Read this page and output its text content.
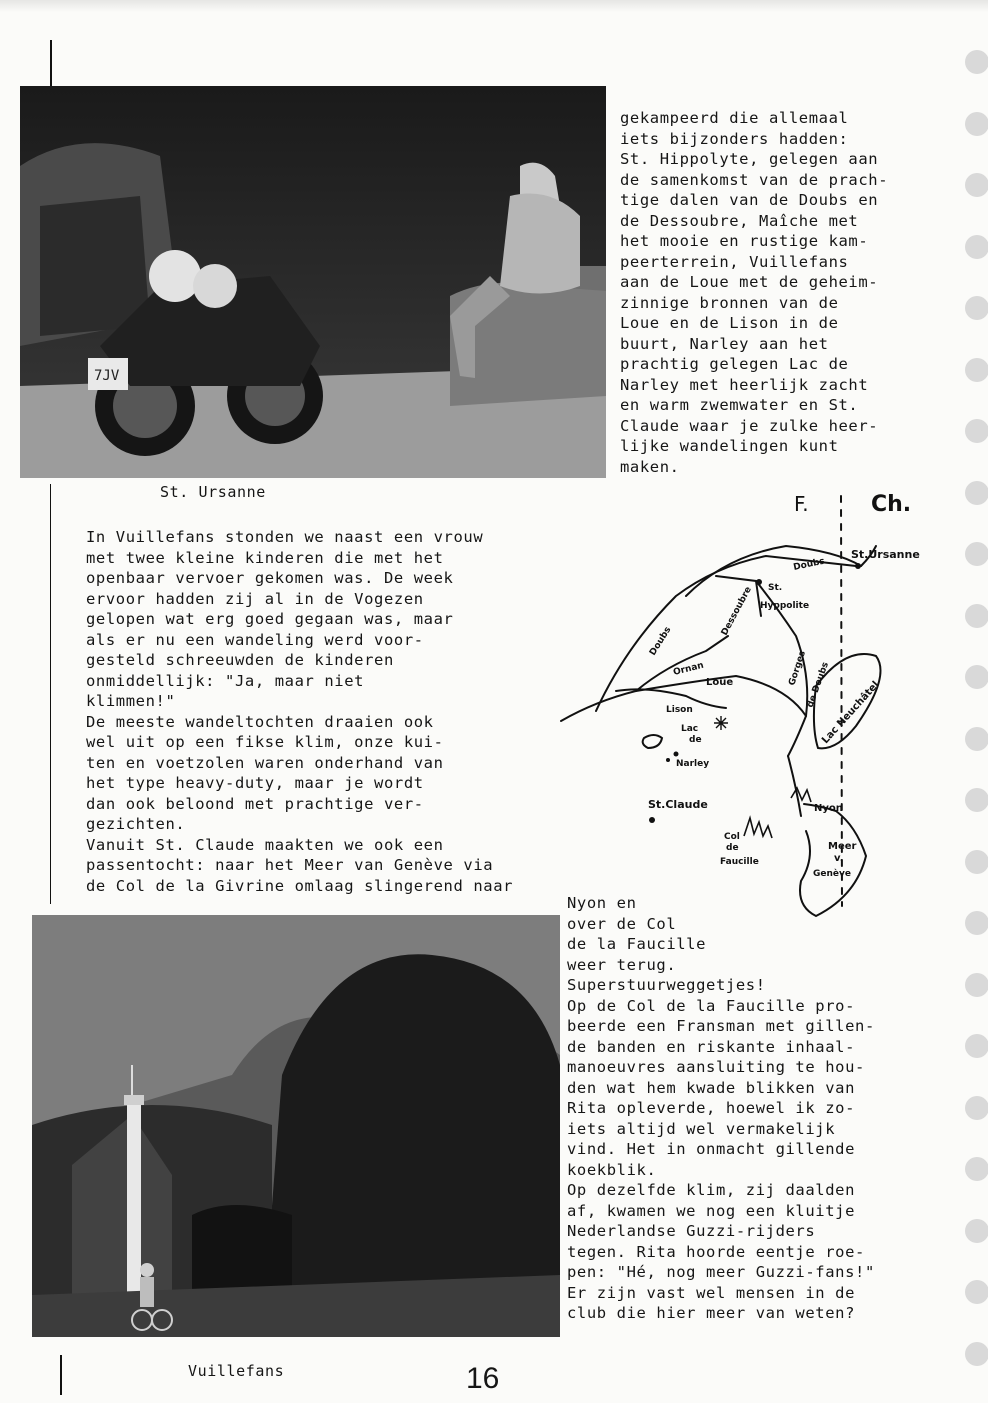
7JV
St. Ursanne
gekampeerd die allemaal
iets bijzonders hadden:
St. Hippolyte, gelegen aan
de samenkomst van de prach-
tige dalen van de Doubs en
de Dessoubre, Maîche met
het mooie en rustige kam-
peerterrein, Vuillefans
aan de Loue met de geheim-
zinnige bronnen van de
Loue en de Lison in de
buurt, Narley aan het
prachtig gelegen Lac de
Narley met heerlijk zacht
en warm zwemwater en St.
Claude waar je zulke heer-
lijke wandelingen kunt
maken.
In Vuillefans stonden we naast een vrouw
met twee kleine kinderen die met het
openbaar vervoer gekomen was. De week
ervoor hadden zij al in de Vogezen
gelopen wat erg goed gegaan was, maar
als er nu een wandeling werd voor-
gesteld schreeuwden de kinderen
onmiddellijk: "Ja, maar niet
klimmen!"
De meeste wandeltochten draaien ook
wel uit op een fikse klim, onze kui-
ten en voetzolen waren onderhand van
het type heavy-duty, maar je wordt
dan ook beloond met prachtige ver-
gezichten.
Vanuit St. Claude maakten we ook een
passentocht: naar het Meer van Genève via
de Col de la Givrine omlaag slingerend naar
F.	Ch.
St.Ursanne
Doubs
St.
Hyppolite
Dessoubre
Doubs
Ornan
Loue	Gorges
de Doubs
Lac Neuchâtel
Lison
Lac
de
Narley
St.Claude	Nyon
Col
de
Faucille
Meer
v.
Genève
Vuillefans
Nyon en
over de Col
de la Faucille
weer terug.
Superstuurweggetjes!
Op de Col de la Faucille pro-
beerde een Fransman met gillen-
de banden en riskante inhaal-
manoeuvres aansluiting te hou-
den wat hem kwade blikken van
Rita opleverde, hoewel ik zo-
iets altijd wel vermakelijk
vind. Het in onmacht gillende
koekblik.
Op dezelfde klim, zij daalden
af, kwamen we nog een kluitje
Nederlandse Guzzi-rijders
tegen. Rita hoorde eentje roe-
pen: "Hé, nog meer Guzzi-fans!"
Er zijn vast wel mensen in de
club die hier meer van weten?
16
